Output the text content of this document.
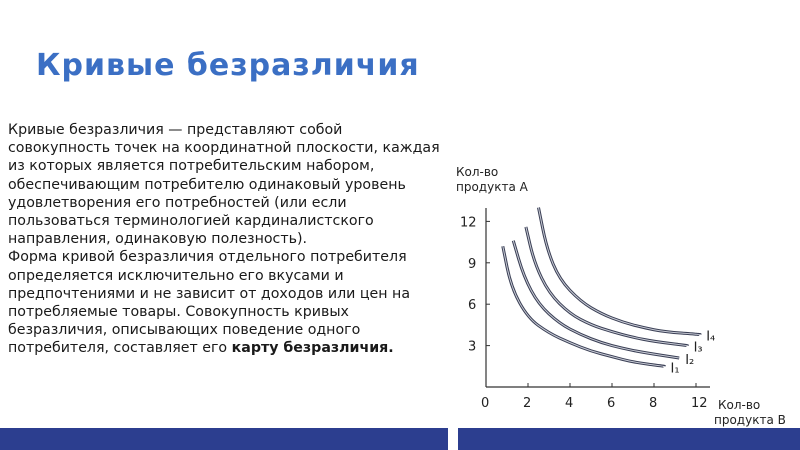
Кривые безразличия

Кривые безразличия — представляют собой совокупность точек на координатной плоскости, каждая из которых является потребительским набором, обеспечивающим потребителю одинаковый уровень удовлетворения его потребностей (или если пользоваться терминологией кардиналистского направления, одинаковую полезность).

Форма кривой безразличия отдельного потребителя определяется исключительно его вкусами и предпочтениями и не зависит от доходов или цен на потребляемые товары. Совокупность кривых безразличия, описывающих поведение одного потребителя, составляет его карту безразличия.

Кол-во
продукта A
Кол-во
продукта B
0	2	4	6	8	12
3
6
9
12
I₁
I₂
I₃
I₄
